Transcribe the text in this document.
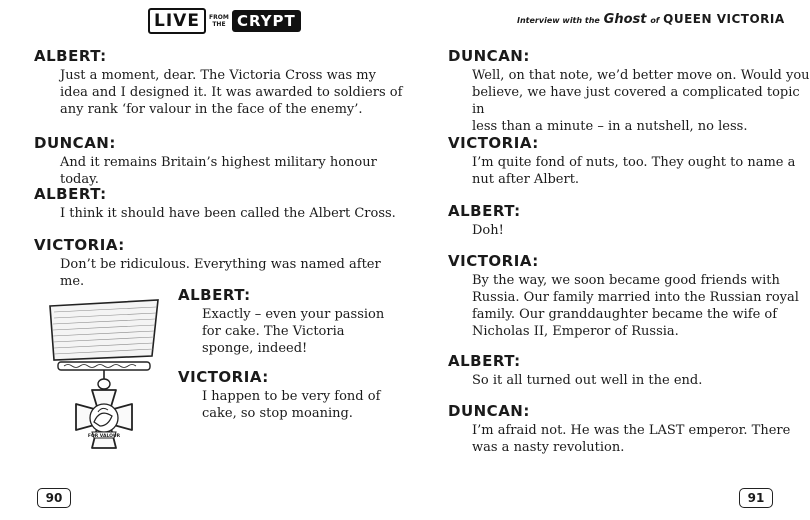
LIVE	FROM THE CRYPT
ALBERT:
Just a moment, dear. The Victoria Cross was my
idea and I designed it. It was awarded to soldiers of
any rank ‘for valour in the face of the enemy’.
DUNCAN:
And it remains Britain’s highest military honour today.
ALBERT:
I think it should have been called the Albert Cross.
VICTORIA:
Don’t be ridiculous. Everything was named after me.
ALBERT:
Exactly – even your passion
for cake. The Victoria
sponge, indeed!
VICTORIA:
I happen to be very fond of
cake, so stop moaning.
FOR VALOUR
90
Interview with the Ghost of QUEEN VICTORIA
DUNCAN:
Well, on that note, we’d better move on. Would you
believe, we have just covered a complicated topic in
less than a minute – in a nutshell, no less.
VICTORIA:
I’m quite fond of nuts, too. They ought to name a
nut after Albert.
ALBERT:
Doh!
VICTORIA:
By the way, we soon became good friends with
Russia. Our family married into the Russian royal
family. Our granddaughter became the wife of
Nicholas II, Emperor of Russia.
ALBERT:
So it all turned out well in the end.
DUNCAN:
I’m afraid not. He was the LAST emperor. There
was a nasty revolution.
91
